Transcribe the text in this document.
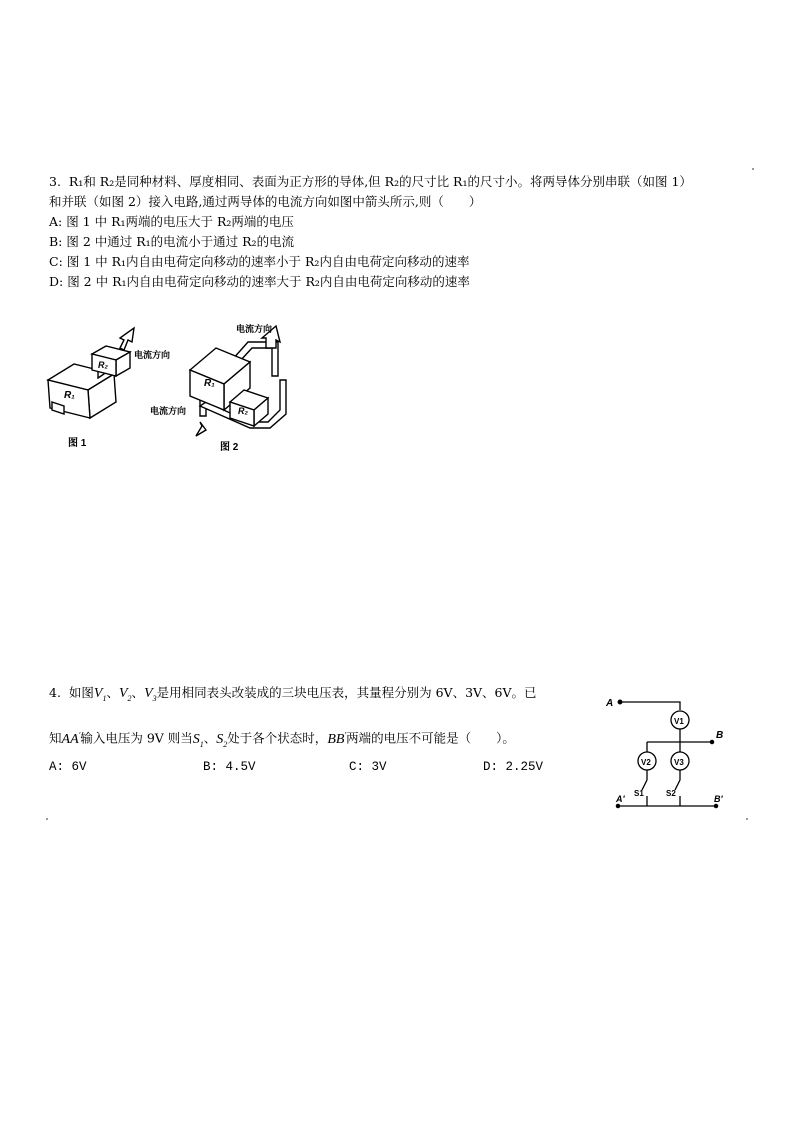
3. R₁和 R₂是同种材料、厚度相同、表面为正方形的导体,但 R₂的尺寸比 R₁的尺寸小。将两导体分别串联（如图 1）

和并联（如图 2）接入电路,通过两导体的电流方向如图中箭头所示,则（　　）

A: 图 1 中 R₁两端的电压大于 R₂两端的电压

B: 图 2 中通过 R₁的电流小于通过 R₂的电流

C: 图 1 中 R₁内自由电荷定向移动的速率小于 R₂内自由电荷定向移动的速率

D: 图 2 中 R₁内自由电荷定向移动的速率大于 R₂内自由电荷定向移动的速率

R₁
R₂
电流方向
图 1
R₁
R₂
电流方向
电流方向
图 2

4. 如图$V_1$、$V_2$、$V_3$是用相同表头改装成的三块电压表，其量程分别为 6V、3V、6V。已

知AA'输入电压为 9V 则当$S_1$、$S_2$处于各个状态时，BB'两端的电压不可能是（　　）。

A: 6V	B: 4.5V	C: 3V	D: 2.25V
A
B
V1
V2	V3
S1	S2
A'	B'
